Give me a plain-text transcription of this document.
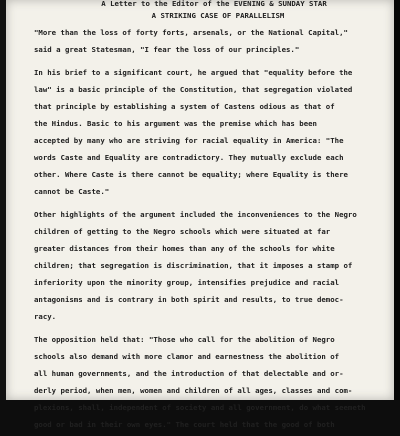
A Letter to the Editor of the EVENING & SUNDAY STAR
A STRIKING CASE OF PARALLELISM
"More than the loss of forty forts, arsenals, or the National Capital,"
said a great Statesman, "I fear the loss of our principles."
In his brief to a significant court, he argued that "equality before the
law" is a basic principle of the Constitution, that segregation violated
that principle by establishing a system of Castens odious as that of
the Hindus. Basic to his argument was the premise which has been
accepted by many who are striving for racial equality in America: "The
words Caste and Equality are contradictory. They mutually exclude each
other. Where Caste is there cannot be equality; where Equality is there
cannot be Caste."
Other highlights of the argument included the inconveniences to the Negro
children of getting to the Negro schools which were situated at far
greater distances from their homes than any of the schools for white
children; that segregation is discrimination, that it imposes a stamp of
inferiority upon the minority group, intensifies prejudice and racial
antagonisms and is contrary in both spirit and results, to true democ-
racy.
The opposition held that: "Those who call for the abolition of Negro
schools also demand with more clamor and earnestness the abolition of
all human governments, and the introduction of that delectable and or-
derly period, when men, women and children of all ages, classes and com-
plexions, shall, independent of society and all government, do what seemeth
good or bad in their own eyes." The court held that the good of both
